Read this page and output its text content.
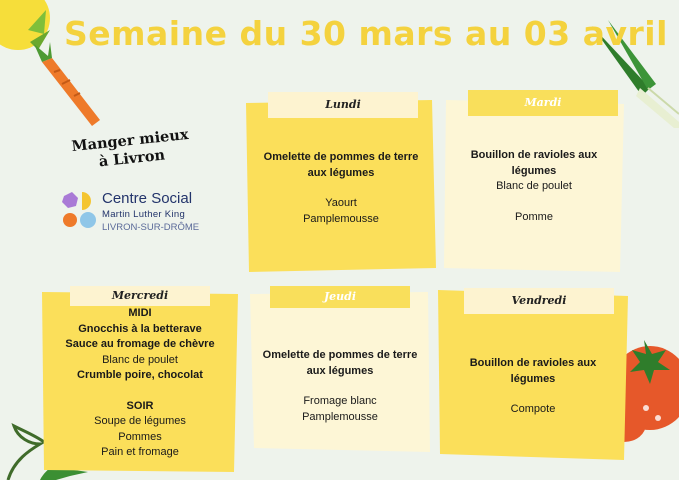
Semaine du 30 mars au 03 avril
Manger mieux à Livron
Centre Social
Martin Luther King
LIVRON-SUR-DRÔME
Lundi
Omelette de pommes de terre aux légumes
Yaourt
Pamplemousse
Mardi
Bouillon de ravioles aux légumes
Blanc de poulet
Pomme
Mercredi
MIDI
Gnocchis à la betterave
Sauce au fromage de chèvre
Blanc de poulet
Crumble poire, chocolat
SOIR
Soupe de légumes
Pommes
Pain et fromage
Jeudi
Omelette de pommes de terre aux légumes
Fromage blanc
Pamplemousse
Vendredi
Bouillon de ravioles aux légumes
Compote
